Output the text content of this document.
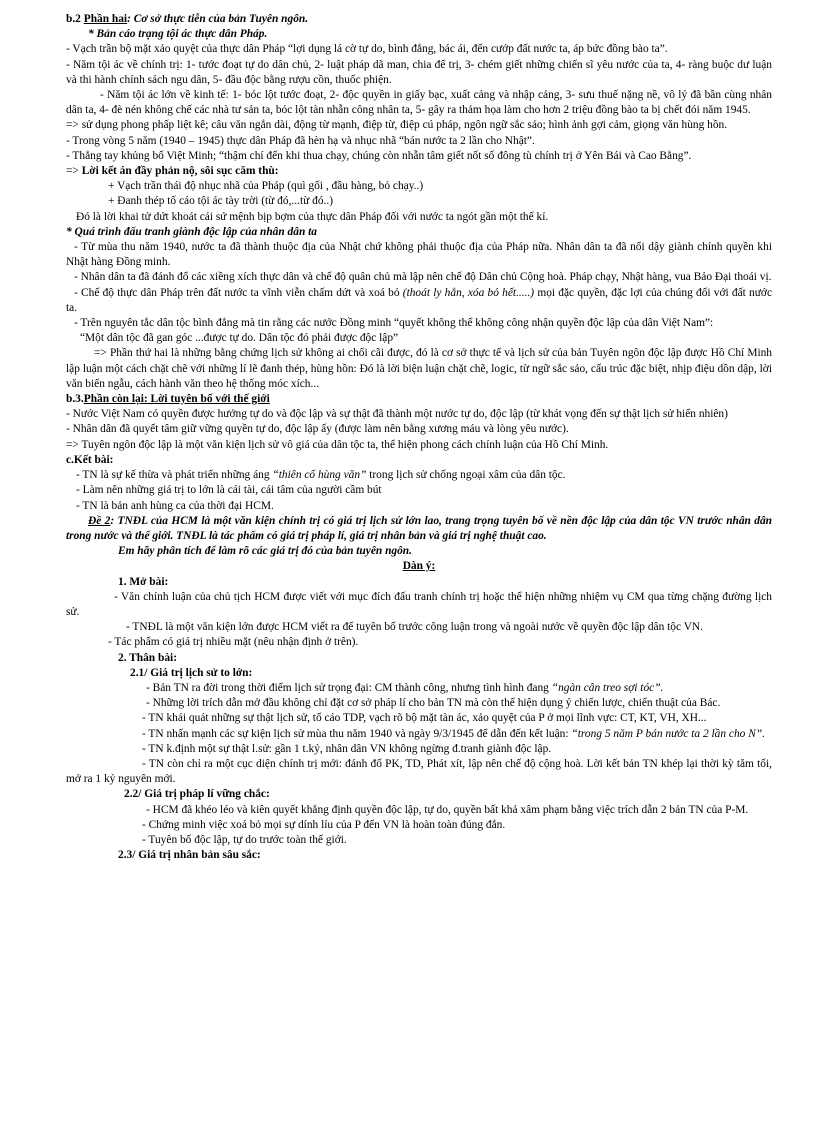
b.2 Phần hai: Cơ sở thực tiễn của bản Tuyên ngôn.

* Bản cáo trạng tội ác thực dân Pháp.

- Vạch trần bộ mặt xảo quyệt của thực dân Pháp “lợi dụng lá cờ tự do, bình đẳng, bác ái, đến cướp đất nước ta, áp bức đồng bào ta”.

- Năm tội ác về chính trị: 1- tước đoạt tự do dân chủ, 2- luật pháp dã man, chia để trị, 3- chém giết những chiến sĩ yêu nước của ta, 4- ràng buộc dư luận và thi hành chính sách ngu dân, 5- đầu độc bằng rượu cồn, thuốc phiện.

- Năm tội ác lớn về kinh tế: 1- bóc lột tước đoạt, 2- độc quyền in giấy bạc, xuất cảng và nhập cảng, 3- sưu thuế nặng nề, vô lý đã bần cùng nhân dân ta, 4- đè nén không chế các nhà tư sản ta, bóc lột tàn nhẫn công nhân ta, 5- gây ra thảm họa làm cho hơn 2 triệu đồng bào ta bị chết đói năm 1945.

=> sử dụng phong phấp liệt kê; câu văn ngắn dài, động từ mạnh, điệp từ, điệp cú pháp, ngôn ngữ sắc sảo; hình ảnh gợi cảm, giọng văn hùng hồn.

- Trong vòng 5 năm (1940 – 1945) thực dân Pháp đã hèn hạ và nhục nhã “bán nước ta 2 lần cho Nhật”.

- Thẳng tay khủng bố Việt Minh; “thậm chí đến khi thua chạy, chúng còn nhẫn tâm giết nốt số đông tù chính trị ở Yên Bái và Cao Bằng”.

=> Lời kết án đầy phản nộ, sôi sục căm thù:

+ Vạch trần thái độ nhục nhã của Pháp (quì gối , đầu hàng, bỏ chạy..)

+ Đanh thép tố cáo tội ác tày trời (từ đó,...từ đó..)

Đó là lời khai tử dứt khoát cái sứ mệnh bịp bợm của thực dân Pháp đối với nước ta ngót gần một thế kỉ.

* Quá trình đấu tranh giành độc lập của nhân dân ta

- Từ mùa thu năm 1940, nước ta đã thành thuộc địa của Nhật chứ không phải thuộc địa của Pháp nữa. Nhân dân ta đã nổi dậy giành chính quyền khi Nhật hàng Đồng minh.

- Nhân dân ta đã đánh đổ các xiềng xích thực dân và chế độ quân chủ mà lập nên chế độ Dân chủ Cộng hoà. Pháp chạy, Nhật hàng, vua Bảo Đại thoái vị.

- Chế độ thực dân Pháp trên đất nước ta vĩnh viễn chấm dứt và xoá bỏ (thoát ly hẳn, xóa bỏ hết.....) mọi đặc quyền, đặc lợi của chúng đối với đất nước ta.

- Trên nguyên tắc dân tộc bình đẳng mà tin rằng các nước Đồng minh “quyết không thể không công nhận quyền độc lập của dân Việt Nam”:

“Một dân tộc đã gan góc ...được tự do. Dân tộc đó phải được độc lập”

=> Phần thứ hai là những bằng chứng lịch sử không ai chối cãi được, đó là cơ sở thực tế và lịch sử của bản Tuyên ngôn độc lập được Hồ Chí Minh lập luận một cách chặt chẽ với những lí lẽ đanh thép, hùng hồn: Đó là lời biện luận chặt chẽ, logic, từ ngữ sắc sảo, cấu trúc đặc biệt, nhịp điệu dồn dập, lời văn biến ngẫu, cách hành văn theo hệ thống móc xích...

b.3.Phần còn lại: Lời tuyên bố với thế giới

- Nước Việt Nam có quyền được hưởng tự do và độc lập và sự thật đã thành một nước tự do, độc lập (từ khát vọng đến sự thật lịch sử hiển nhiên)

- Nhân dân đã quyết tâm giữ vững quyền tự do, độc lập ấy (được làm nên bằng xương máu và lòng yêu nước).

=> Tuyên ngôn độc lập là một văn kiện lịch sử vô giá của dân tộc ta, thể hiện phong cách chính luận của Hồ Chí Minh.

c.Kết bài:

- TN là sự kế thừa và phát triển những áng “thiên cổ hùng văn” trong lịch sử chống ngoại xâm của dân tộc.

- Làm nên những giá trị to lớn là cái tài, cái tâm của người cầm bút

- TN là bản anh hùng ca của thời đại HCM.

Đề 2: TNĐL của HCM là một văn kiện chính trị có giá trị lịch sử lớn lao, trang trọng tuyên bố về nền độc lập của dân tộc VN trước nhân dân trong nước và thế giới. TNĐL là tác phẩm có giá trị pháp lí, giá trị nhân bản và giá trị nghệ thuật cao.

Em hãy phân tích để làm rõ các giá trị đó của bản tuyên ngôn.

Dàn ý:

1. Mở bài:

- Văn chính luận của chủ tịch HCM được viết với mục đích đấu tranh chính trị hoặc thể hiện những nhiệm vụ CM qua từng chặng đường lịch sử.

- TNĐL là một văn kiện lớn được HCM viết ra để tuyên bố trước công luận trong và ngoài nước về quyền độc lập dân tộc VN.

- Tác phẩm có giá trị nhiều mặt (nêu nhận định ở trên).

2. Thân bài:

2.1/ Giá trị lịch sử to lớn:

- Bản TN ra đời trong thời điểm lịch sử trọng đại: CM thành công, nhưng tình hình đang “ngàn cân treo sợi tóc”.

- Những lời trích dẫn mở đầu không chỉ đặt cơ sở pháp lí cho bản TN mà còn thể hiện dụng ý chiến lược, chiến thuật của Bác.

- TN khái quát những sự thật lịch sử, tố cáo TDP, vạch rõ bộ mặt tàn ác, xảo quyệt của P ở mọi lĩnh vực: CT, KT, VH, XH...

- TN nhấn mạnh các sự kiện lịch sử mùa thu năm 1940 và ngày 9/3/1945 để dẫn đến kết luận: “trong 5 năm P bán nước ta 2 lần cho N”.

- TN k.định một sự thật l.sử: gần 1 t.kỷ, nhân dân VN không ngừng đ.tranh giành độc lập.

- TN còn chỉ ra một cục diện chính trị mới: đánh đổ PK, TD, Phát xít, lập nên chế độ cộng hoà. Lời kết bản TN khép lại thời kỳ tăm tối, mở ra 1 kỷ nguyên mới.

2.2/ Giá trị pháp lí vững chắc:

- HCM đã khéo léo và kiên quyết khẳng định quyền độc lập, tự do, quyền bất khả xâm phạm bằng việc trích dẫn 2 bản TN của P-M.

- Chứng minh việc xoá bỏ mọi sự dính líu của P đến VN là hoàn toàn đúng đắn.

- Tuyên bố độc lập, tự do trước toàn thế giới.

2.3/ Giá trị nhân bản sâu sắc:
